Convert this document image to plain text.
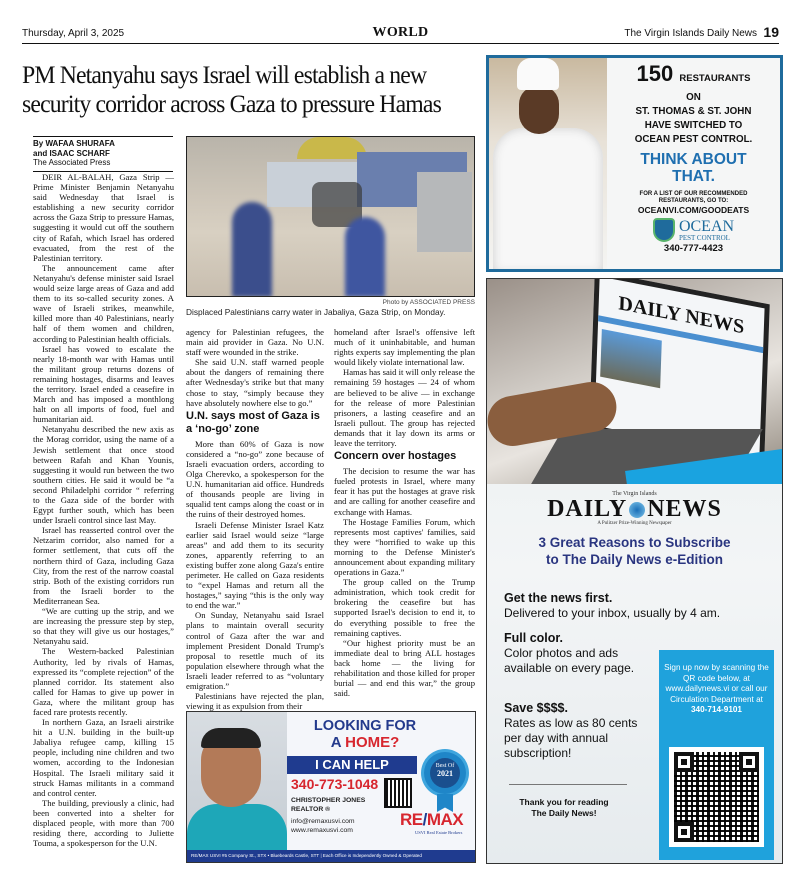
Thursday, April 3, 2025	WORLD	The Virgin Islands Daily News 19
PM Netanyahu says Israel will establish a new security corridor across Gaza to pressure Hamas
By WAFAA SHURAFA
and ISAAC SCHARF
The Associated Press

DEIR AL-BALAH, Gaza Strip — Prime Minister Benjamin Netanyahu said Wednesday that Israel is establishing a new security corridor across the Gaza Strip to pressure Hamas, suggesting it would cut off the southern city of Rafah, which Israel has ordered evacuated, from the rest of the Palestinian territory.

The announcement came after Netanyahu's defense minister said Israel would seize large areas of Gaza and add them to its so-called security zones. A wave of Israeli strikes, meanwhile, killed more than 40 Palestinians, nearly half of them women and children, according to Palestinian health officials.

Israel has vowed to escalate the nearly 18-month war with Hamas until the militant group returns dozens of remaining hostages, disarms and leaves the territory. Israel ended a ceasefire in March and has imposed a monthlong halt on all imports of food, fuel and humanitarian aid.

Netanyahu described the new axis as the Morag corridor, using the name of a Jewish settlement that once stood between Rafah and Khan Younis, suggesting it would run between the two southern cities. He said it would be “a second Philadelphi corridor “ referring to the Gaza side of the border with Egypt further south, which has been under Israeli control since last May.

Israel has reasserted control over the Netzarim corridor, also named for a former settlement, that cuts off the northern third of Gaza, including Gaza City, from the rest of the narrow coastal strip. Both of the existing corridors run from the Israeli border to the Mediterranean Sea.

“We are cutting up the strip, and we are increasing the pressure step by step, so that they will give us our hostages,” Netanyahu said.

The Western-backed Palestinian Authority, led by rivals of Hamas, expressed its “complete rejection” of the planned corridor. Its statement also called for Hamas to give up power in Gaza, where the militant group has faced rare protests recently.

In northern Gaza, an Israeli airstrike hit a U.N. building in the built-up Jabaliya refugee camp, killing 15 people, including nine children and two women, according to the Indonesian Hospital. The Israeli military said it struck Hamas militants in a command and control center.

The building, previously a clinic, had been converted into a shelter for displaced people, with more than 700 residing there, according to Juliette Touma, a spokesperson for the U.N.

Photo by ASSOCIATED PRESS
Displaced Palestinians carry water in Jabaliya, Gaza Strip, on Monday.

agency for Palestinian refugees, the main aid provider in Gaza. No U.N. staff were wounded in the strike.

She said U.N. staff warned people about the dangers of remaining there after Wednesday's strike but that many chose to stay, “simply because they have absolutely nowhere else to go.”

U.N. says most of Gaza is a ‘no-go’ zone

More than 60% of Gaza is now considered a “no-go” zone because of Israeli evacuation orders, according to Olga Cherevko, a spokesperson for the U.N. humanitarian aid office. Hundreds of thousands people are living in squalid tent camps along the coast or in the ruins of their destroyed homes.

Israeli Defense Minister Israel Katz earlier said Israel would seize “large areas” and add them to its security zones, apparently referring to an existing buffer zone along Gaza's entire perimeter. He called on Gaza residents to “expel Hamas and return all the hostages,” saying “this is the only way to end the war.”

On Sunday, Netanyahu said Israel plans to maintain overall security control of Gaza after the war and implement President Donald Trump's proposal to resettle much of its population elsewhere through what the Israeli leader referred to as “voluntary emigration.”

Palestinians have rejected the plan, viewing it as expulsion from their

homeland after Israel's offensive left much of it uninhabitable, and human rights experts say implementing the plan would likely violate international law.

Hamas has said it will only release the remaining 59 hostages — 24 of whom are believed to be alive — in exchange for the release of more Palestinian prisoners, a lasting ceasefire and an Israeli pullout. The group has rejected demands that it lay down its arms or leave the territory.

Concern over hostages

The decision to resume the war has fueled protests in Israel, where many fear it has put the hostages at grave risk and are calling for another ceasefire and exchange with Hamas.

The Hostage Families Forum, which represents most captives' families, said they were “horrified to wake up this morning to the Defense Minister's announcement about expanding military operations in Gaza.”

The group called on the Trump administration, which took credit for brokering the ceasefire but has supported Israel's decision to end it, to do everything possible to free the remaining captives.

“Our highest priority must be an immediate deal to bring ALL hostages back home — the living for rehabilitation and those killed for proper burial — and end this war,” the group said.

150 RESTAURANTS
ON
ST. THOMAS & ST. JOHN
HAVE SWITCHED TO
OCEAN PEST CONTROL.
THINK ABOUT
THAT.
FOR A LIST OF OUR RECOMMENDED
RESTAURANTS, GO TO:
OCEANVI.COM/GOODEATS
OCEAN
PEST CONTROL
340-777-4423
DAILY NEWS
The Virgin Islands
DAILY NEWS
A Pulitzer Prize-Winning Newspaper
3 Great Reasons to Subscribe
to The Daily News e-Edition
Get the news first.
Delivered to your inbox, usually by 4 am.
Full color.
Color photos and ads available on every page.
Save $$$$.
Rates as low as 80 cents per day with annual subscription!
Thank you for reading
The Daily News!
Sign up now by scanning the QR code below, at www.dailynews.vi or call our Circulation Department at
340-714-9101
LOOKING FOR
A HOME?
I CAN HELP
340-773-1048
CHRISTOPHER JONES
REALTOR ®
info@remaxusvi.com
www.remaxusvi.com
Best Of
2021
RE/MAX
USVI Real Estate Brokers
RE/MAX USVI #5 Company St., STX • Bluebeards Castle, STT | Each Office is Independently Owned & Operated
